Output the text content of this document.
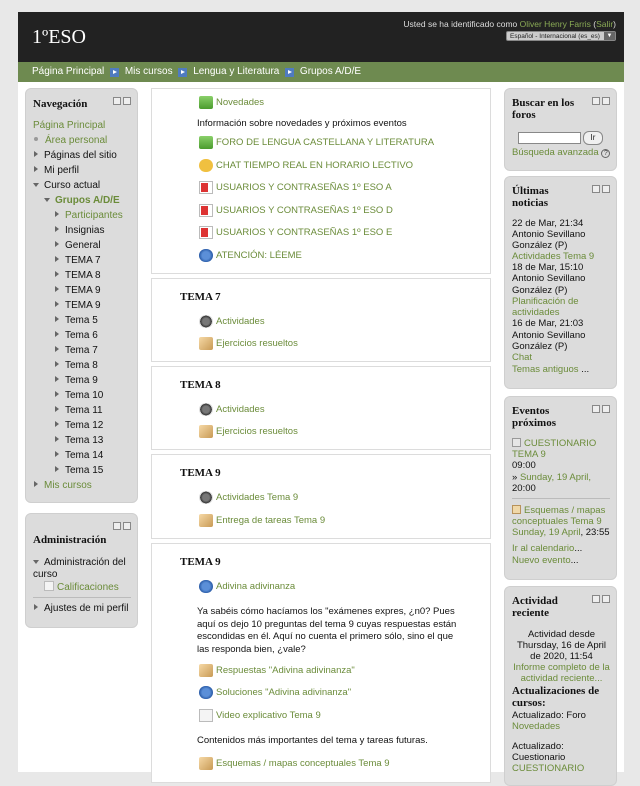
1ºESO
Usted se ha identificado como Oliver Henry Farris (Salir)
Español - Internacional (es_es)	▼
Página Principal Mis cursos Lengua y Literatura Grupos A/D/E
Navegación
Página Principal
Área personal
Páginas del sitio
Mi perfil
Curso actual
Grupos A/D/E
Participantes
Insignias
General
TEMA 7
TEMA 8
TEMA 9
TEMA 9
Tema 5
Tema 6
Tema 7
Tema 8
Tema 9
Tema 10
Tema 11
Tema 12
Tema 13
Tema 14
Tema 15
Mis cursos
Administración
Administración del curso
Calificaciones
Ajustes de mi perfil
Novedades
Información sobre novedades y próximos eventos
FORO DE LENGUA CASTELLANA Y LITERATURA
CHAT TIEMPO REAL EN HORARIO LECTIVO
USUARIOS Y CONTRASEÑAS 1º ESO A
USUARIOS Y CONTRASEÑAS 1º ESO D
USUARIOS Y CONTRASEÑAS 1º ESO E
ATENCIÓN: LÉEME
TEMA 7
Actividades
Ejercicios resueltos
TEMA 8
Actividades
Ejercicios resueltos
TEMA 9
Actividades Tema 9
Entrega de tareas Tema 9
TEMA 9
Adivina adivinanza
Ya sabéis cómo hacíamos los "exámenes expres, ¿n0? Pues aquí os dejo 10 preguntas del tema 9 cuyas respuestas están escondidas en él. Aquí no cuenta el primero sólo, sino el que las responda bien, ¿vale?
Respuestas "Adivina adivinanza"
Soluciones "Adivina adivinanza"
Video explicativo Tema 9
Contenidos más importantes del tema y tareas futuras.
Esquemas / mapas conceptuales Tema 9
Buscar en los foros
Ir
Búsqueda avanzada ?
Últimas noticias
22 de Mar, 21:34
Antonio Sevillano
González (P)
Actividades Tema 9
18 de Mar, 15:10
Antonio Sevillano
González (P)
Planificación de
actividades
16 de Mar, 21:03
Antonio Sevillano
González (P)
Chat
Temas antiguos ...
Eventos próximos
CUESTIONARIO
TEMA 9
09:00
» Sunday, 19 April,
20:00
Esquemas / mapas
conceptuales Tema 9
Sunday, 19 April, 23:55
Ir al calendario...
Nuevo evento...
Actividad reciente
Actividad desde
Thursday, 16 de April
de 2020, 11:54
Informe completo de la
actividad reciente...
Actualizaciones de
cursos:
Actualizado: Foro
Novedades
Actualizado:
Cuestionario
CUESTIONARIO
